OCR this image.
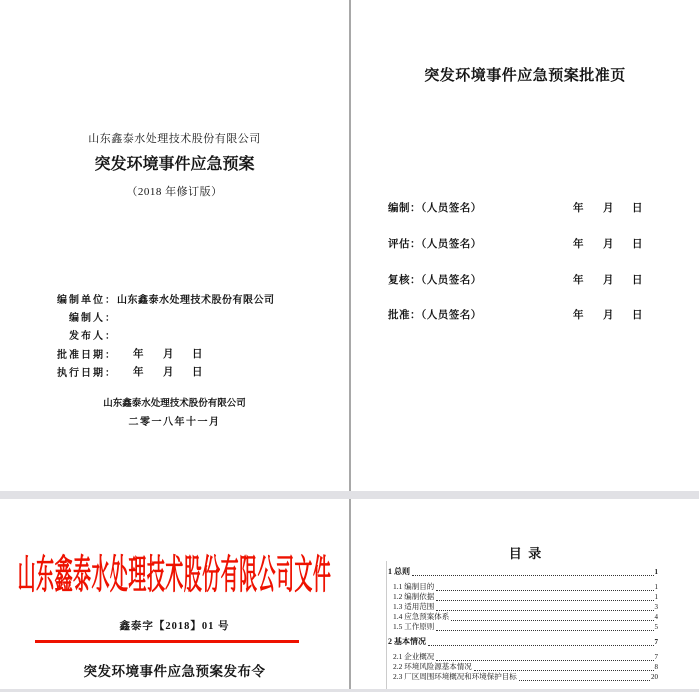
山东鑫泰水处理技术股份有限公司
突发环境事件应急预案
（2018 年修订版）
编制单位：山东鑫泰水处理技术股份有限公司
编制人：
发布人：
批准日期： 年 月 日
执行日期： 年 月 日
山东鑫泰水处理技术股份有限公司
二零一八年十一月
突发环境事件应急预案批准页
编制：（人员签名）	年 月 日
评估：（人员签名）	年 月 日
复核：（人员签名）	年 月 日
批准：（人员签名）	年 月 日
山东鑫泰水处理技术股份有限公司文件
鑫泰字【2018】01 号
突发环境事件应急预案发布令
目  录
1 总则	1
1.1 编制目的	1
1.2 编制依据	1
1.3 适用范围	3
1.4 应急预案体系	4
1.5 工作原则	5
2 基本情况	7
2.1 企业概况	7
2.2 环境风险源基本情况	8
2.3 厂区周围环境概况和环境保护目标	20
